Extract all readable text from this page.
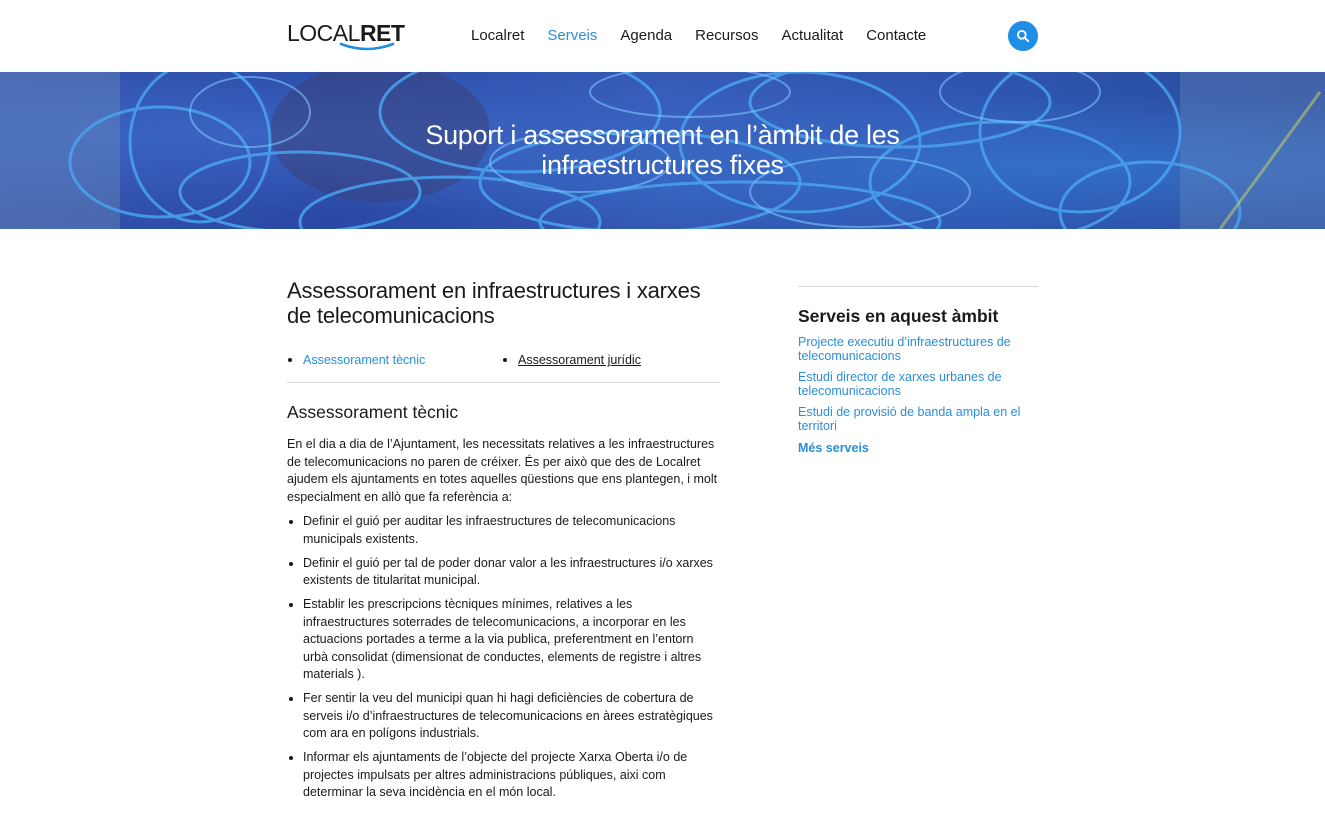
LOCAL RET	Localret Serveis Agenda Recursos Actualitat Contacte
Suport i assessorament en l’àmbit de les
infraestructures fixes
Assessorament en infraestructures i xarxes de telecomunicacions
Assessorament tècnic	Assessorament jurídic
Assessorament tècnic

En el dia a dia de l’Ajuntament, les necessitats relatives a les infraestructures de telecomunicacions no paren de créixer. És per això que des de Localret ajudem els ajuntaments en totes aquelles qüestions que ens plantegen, i molt especialment en allò que fa referència a:

Definir el guió per auditar les infraestructures de telecomunicacions municipals existents.
Definir el guió per tal de poder donar valor a les infraestructures i/o xarxes existents de titularitat municipal.
Establir les prescripcions tècniques mínimes, relatives a les infraestructures soterrades de telecomunicacions, a incorporar en les actuacions portades a terme a la via publica, preferentment en l’entorn urbà consolidat (dimensionat de conductes, elements de registre i altres materials ).
Fer sentir la veu del municipi quan hi hagi deficiències de cobertura de serveis i/o d’infraestructures de telecomunicacions en àrees estratègiques com ara en polígons industrials.
Informar els ajuntaments de l’objecte del projecte Xarxa Oberta i/o de projectes impulsats per altres administracions públiques, aixi com determinar la seva incidència en el món local.
Serveis en aquest àmbit
Projecte executiu d’infraestructures de telecomunicacions
Estudi director de xarxes urbanes de telecomunicacions
Estudi de provisió de banda ampla en el territori
Més serveis
